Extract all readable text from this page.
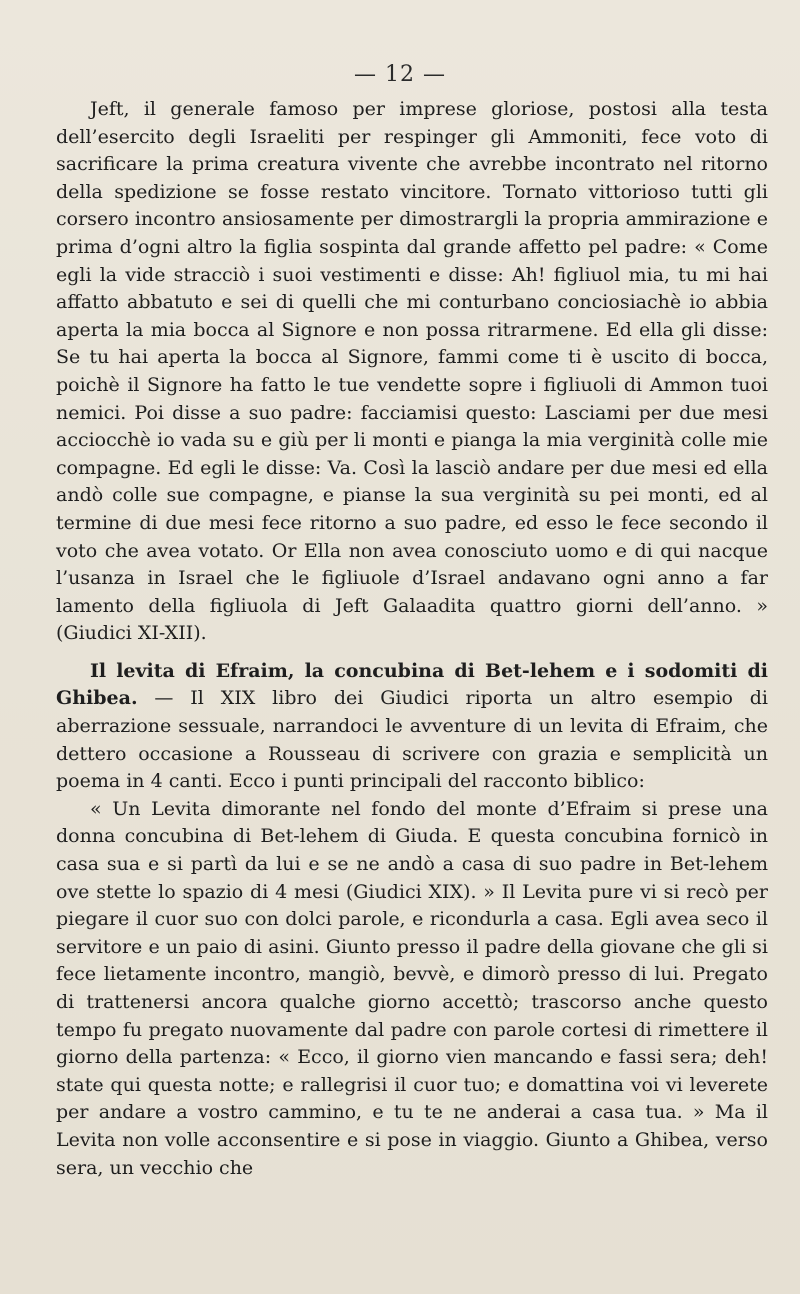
— 12 —

Jeft, il generale famoso per imprese gloriose, postosi alla testa dell’esercito degli Israeliti per respinger gli Ammoniti, fece voto di sacrificare la prima creatura vivente che avrebbe incontrato nel ritorno della spedizione se fosse restato vincitore. Tornato vittorioso tutti gli corsero incontro ansiosamente per dimostrargli la propria ammirazione e prima d’ogni altro la figlia sospinta dal grande affetto pel padre: « Come egli la vide stracciò i suoi vestimenti e disse: Ah! figliuol mia, tu mi hai affatto abbatuto e sei di quelli che mi conturbano conciosiachè io abbia aperta la mia bocca al Signore e non possa ritrarmene. Ed ella gli disse: Se tu hai aperta la bocca al Signore, fammi come ti è uscito di bocca, poichè il Signore ha fatto le tue vendette sopre i figliuoli di Ammon tuoi nemici. Poi disse a suo padre: facciamisi questo: Lasciami per due mesi acciocchè io vada su e giù per li monti e pianga la mia verginità colle mie compagne. Ed egli le disse: Va. Così la lasciò andare per due mesi ed ella andò colle sue compagne, e pianse la sua verginità su pei monti, ed al termine di due mesi fece ritorno a suo padre, ed esso le fece secondo il voto che avea votato. Or Ella non avea conosciuto uomo e di qui nacque l’usanza in Israel che le figliuole d’Israel andavano ogni anno a far lamento della figliuola di Jeft Galaadita quattro giorni dell’anno. » (Giudici XI-XII).

Il levita di Efraim, la concubina di Bet-lehem e i sodomiti di Ghibea. — Il XIX libro dei Giudici riporta un altro esempio di aberrazione sessuale, narrandoci le avventure di un levita di Efraim, che dettero occasione a Rousseau di scrivere con grazia e semplicità un poema in 4 canti. Ecco i punti principali del racconto biblico:

« Un Levita dimorante nel fondo del monte d’Efraim si prese una donna concubina di Bet-lehem di Giuda. E questa concubina fornicò in casa sua e si partì da lui e se ne andò a casa di suo padre in Bet-lehem ove stette lo spazio di 4 mesi (Giudici XIX). » Il Levita pure vi si recò per piegare il cuor suo con dolci parole, e ricondurla a casa. Egli avea seco il servitore e un paio di asini. Giunto presso il padre della giovane che gli si fece lietamente incontro, mangiò, bevvè, e dimorò presso di lui. Pregato di trattenersi ancora qualche giorno accettò; trascorso anche questo tempo fu pregato nuovamente dal padre con parole cortesi di rimettere il giorno della partenza: « Ecco, il giorno vien mancando e fassi sera; deh! state qui questa notte; e rallegrisi il cuor tuo; e domattina voi vi leverete per andare a vostro cammino, e tu te ne anderai a casa tua. » Ma il Levita non volle acconsentire e si pose in viaggio. Giunto a Ghibea, verso sera, un vecchio che
